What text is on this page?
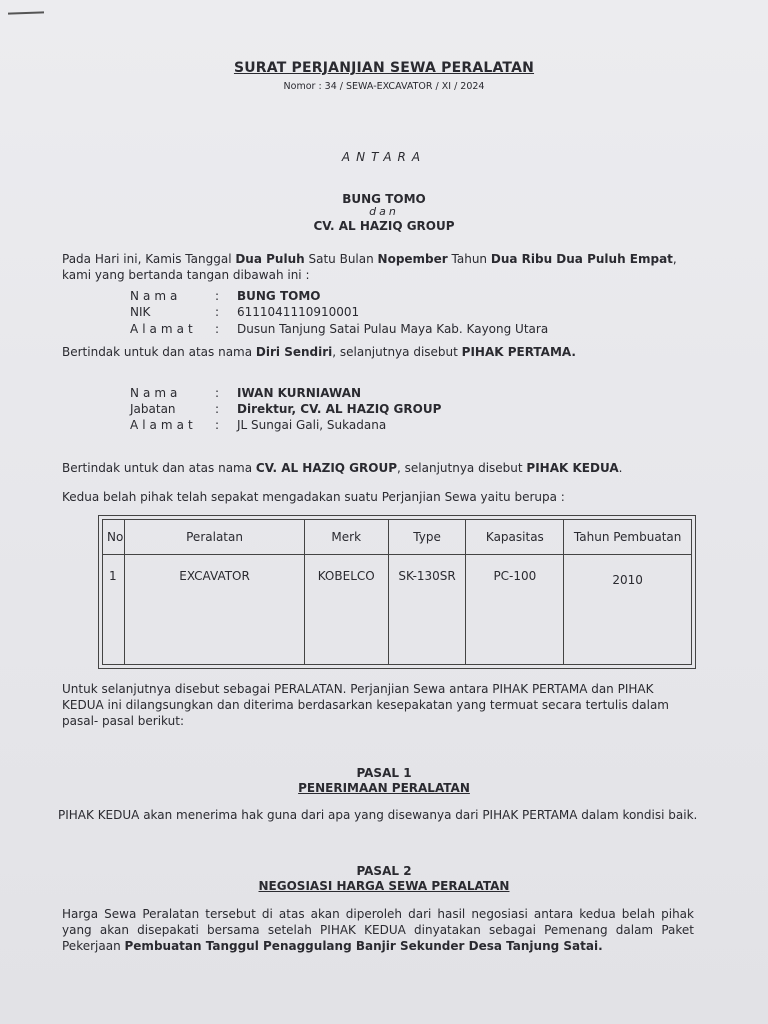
SURAT PERJANJIAN SEWA PERALATAN
Nomor : 34 / SEWA-EXCAVATOR / XI / 2024
ANTARA
BUNG TOMO
dan
CV. AL HAZIQ GROUP
Pada Hari ini, Kamis Tanggal Dua Puluh Satu Bulan Nopember Tahun Dua Ribu Dua Puluh Empat, kami yang bertanda tangan dibawah ini :
Nama	: BUNG TOMO
NIK	: 6111041110910001
Alamat : Dusun Tanjung Satai Pulau Maya Kab. Kayong Utara
Bertindak untuk dan atas nama Diri Sendiri, selanjutnya disebut PIHAK PERTAMA.
Nama	: IWAN KURNIAWAN
Jabatan	: Direktur, CV. AL HAZIQ GROUP
Alamat : JL Sungai Gali, Sukadana
Bertindak untuk dan atas nama CV. AL HAZIQ GROUP, selanjutnya disebut PIHAK KEDUA.
Kedua belah pihak telah sepakat mengadakan suatu Perjanjian Sewa yaitu berupa :
No	Peralatan	Merk	Type	Kapasitas	Tahun Pembuatan
1	EXCAVATOR	KOBELCO	SK-130SR	PC-100	2010
Untuk selanjutnya disebut sebagai PERALATAN. Perjanjian Sewa antara PIHAK PERTAMA dan PIHAK KEDUA ini dilangsungkan dan diterima berdasarkan kesepakatan yang termuat secara tertulis dalam pasal- pasal berikut:
PASAL 1
PENERIMAAN PERALATAN
PIHAK KEDUA akan menerima hak guna dari apa yang disewanya dari PIHAK PERTAMA dalam kondisi baik.
PASAL 2
NEGOSIASI HARGA SEWA PERALATAN
Harga Sewa Peralatan tersebut di atas akan diperoleh dari hasil negosiasi antara kedua belah pihak yang akan disepakati bersama setelah PIHAK KEDUA dinyatakan sebagai Pemenang dalam Paket Pekerjaan Pembuatan Tanggul Penaggulang Banjir Sekunder Desa Tanjung Satai.
